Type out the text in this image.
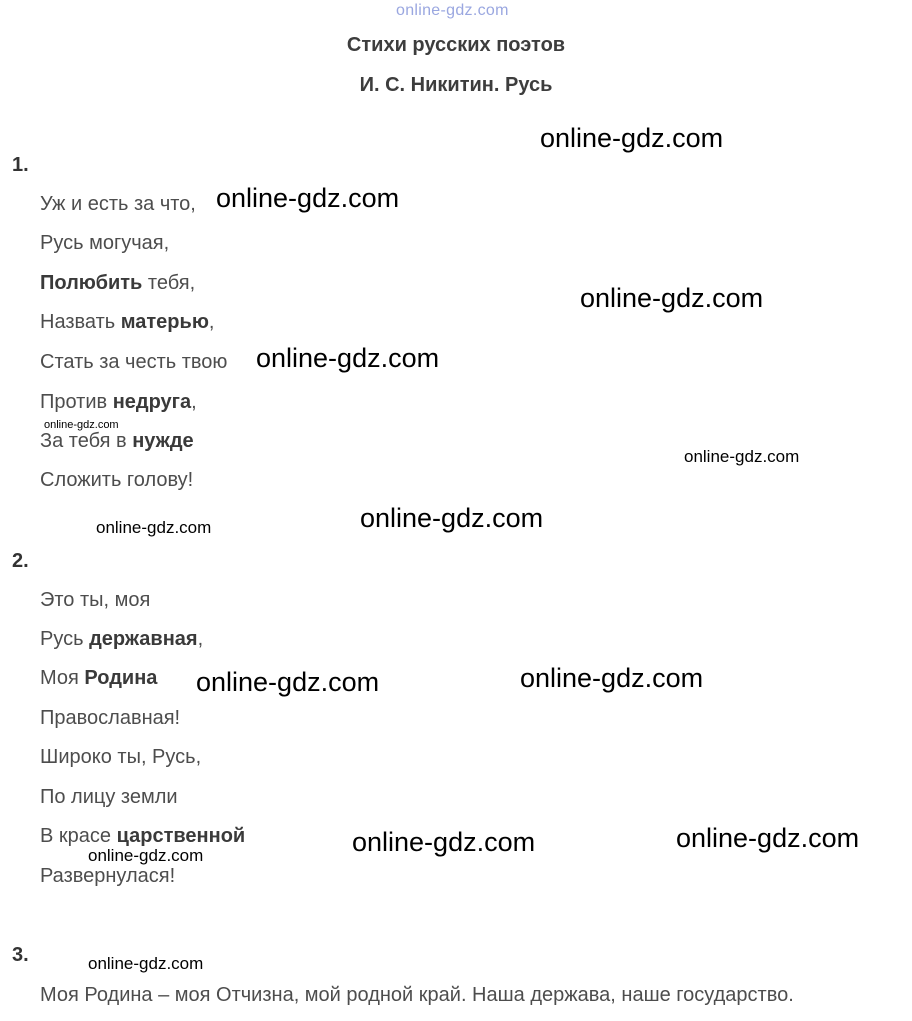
online-gdz.com
Стихи русских поэтов
И. С. Никитин. Русь
1.
Уж и есть за что,
Русь могучая,
Полюбить тебя,
Назвать матерью,
Стать за честь твою
Против недруга,
За тебя в нужде
Сложить голову!
2.
Это ты, моя
Русь державная,
Моя Родина
Православная!
Широко ты, Русь,
По лицу земли
В красе царственной
Развернулася!
3.
Моя Родина – моя Отчизна, мой родной край. Наша держава, наше государство.
online-gdz.com
online-gdz.com
online-gdz.com
online-gdz.com
online-gdz.com
online-gdz.com
online-gdz.com	online-gdz.com
online-gdz.com	online-gdz.com
online-gdz.com	online-gdz.com
online-gdz.com
online-gdz.com
